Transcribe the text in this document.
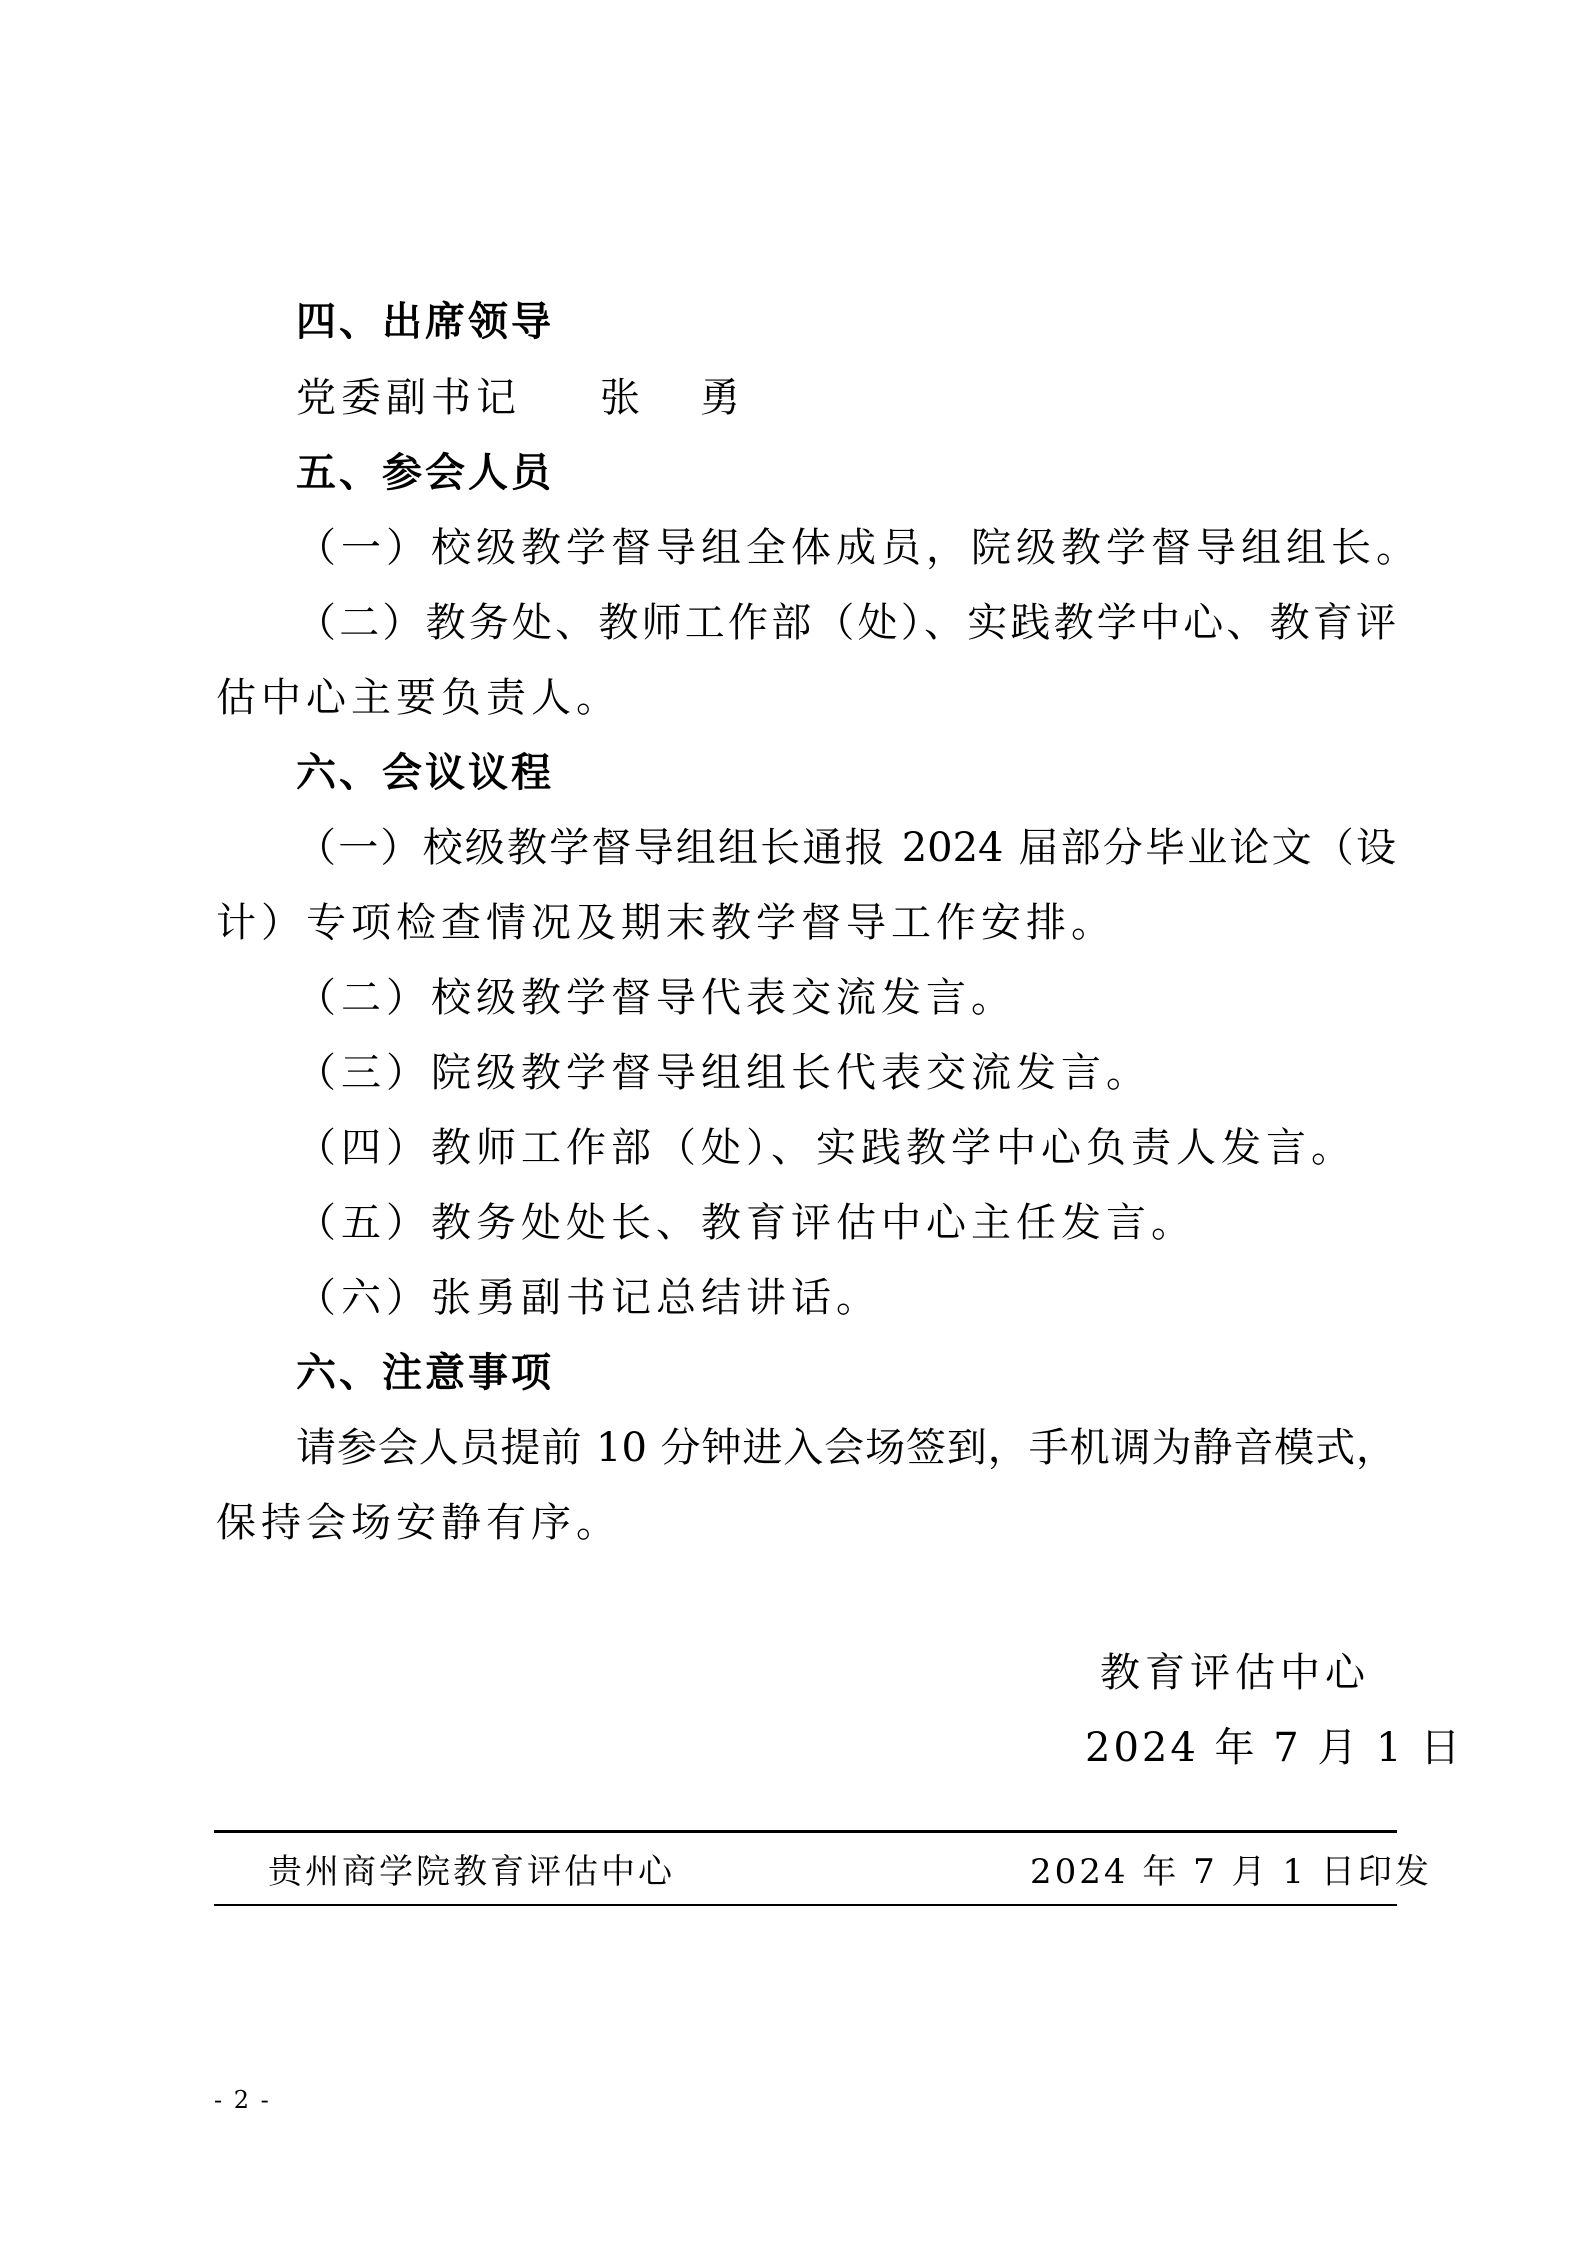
四、出席领导
党委副书记 张　勇
五、参会人员
（一）校级教学督导组全体成员，院级教学督导组组长。
（二）教务处、教师工作部（处）、实践教学中心、教育评
估中心主要负责人。
六、会议议程
（一）校级教学督导组组长通报 2024 届部分毕业论文（设
计）专项检查情况及期末教学督导工作安排。
（二）校级教学督导代表交流发言。
（三）院级教学督导组组长代表交流发言。
（四）教师工作部（处）、实践教学中心负责人发言。
（五）教务处处长、教育评估中心主任发言。
（六）张勇副书记总结讲话。
六、注意事项
请参会人员提前 10 分钟进入会场签到，手机调为静音模式，
保持会场安静有序。
教育评估中心
2024 年 7 月 1 日
贵州商学院教育评估中心	2024 年 7 月 1 日印发
- 2 -
